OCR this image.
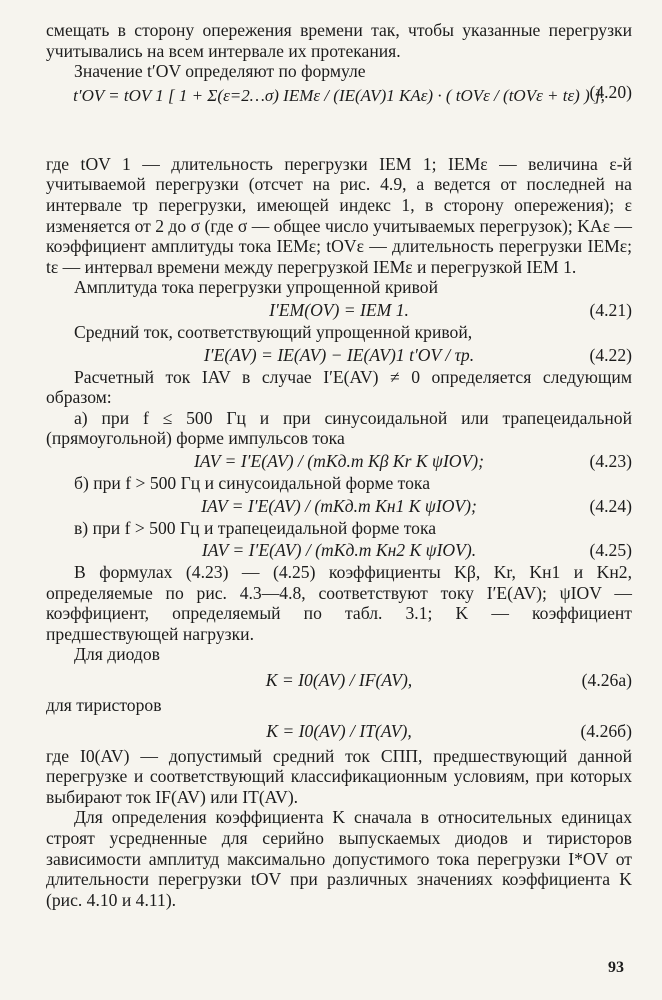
смещать в сторону опережения времени так, чтобы указанные перегрузки учитывались на всем интервале их протекания.

Значение t′OV определяют по формуле

t′OV = tOV 1 [ 1 + Σ(ε=2…σ) IEMε / (IE(AV)1 KAε) · ( tOVε / (tOVε + tε) ) ],
(4.20)

где tOV 1 — длительность перегрузки IEM 1; IEMε — величина ε-й учитываемой перегрузки (отсчет на рис. 4.9, а ведется от последней на интервале τр перегрузки, имеющей индекс 1, в сторону опережения); ε изменяется от 2 до σ (где σ — общее число учитываемых перегрузок); KAε — коэффициент амплитуды тока IEMε; tOVε — длительность перегрузки IEMε; tε — интервал времени между перегрузкой IEMε и перегрузкой IEM 1.

Амплитуда тока перегрузки упрощенной кривой

I′EM(OV) = IEM 1.	(4.21)

Средний ток, соответствующий упрощенной кривой,

I′E(AV) = IE(AV) − IE(AV)1 t′OV / τр.	(4.22)

Расчетный ток IAV в случае I′E(AV) ≠ 0 определяется следующим образом:

а) при f ≤ 500 Гц и при синусоидальной или трапецеидальной (прямоугольной) форме импульсов тока

IAV = I′E(AV) / (mKд.т Kβ Kr K ψIOV);	(4.23)

б) при f > 500 Гц и синусоидальной форме тока

IAV = I′E(AV) / (mKд.т Kн1 K ψIOV);	(4.24)

в) при f > 500 Гц и трапецеидальной форме тока

IAV = I′E(AV) / (mKд.т Kн2 K ψIOV).	(4.25)

В формулах (4.23) — (4.25) коэффициенты Kβ, Kr, Kн1 и Kн2, определяемые по рис. 4.3—4.8, соответствуют току I′E(AV); ψIOV — коэффициент, определяемый по табл. 3.1; K — коэффициент предшествующей нагрузки.

Для диодов

K = I0(AV) / IF(AV),	(4.26а)

для тиристоров

K = I0(AV) / IT(AV),	(4.26б)

где I0(AV) — допустимый средний ток СПП, предшествующий данной перегрузке и соответствующий классификационным условиям, при которых выбирают ток IF(AV) или IT(AV).

Для определения коэффициента K сначала в относительных единицах строят усредненные для серийно выпускаемых диодов и тиристоров зависимости амплитуд максимально допустимого тока перегрузки I*OV от длительности перегрузки tOV при различных значениях коэффициента K (рис. 4.10 и 4.11).

93
